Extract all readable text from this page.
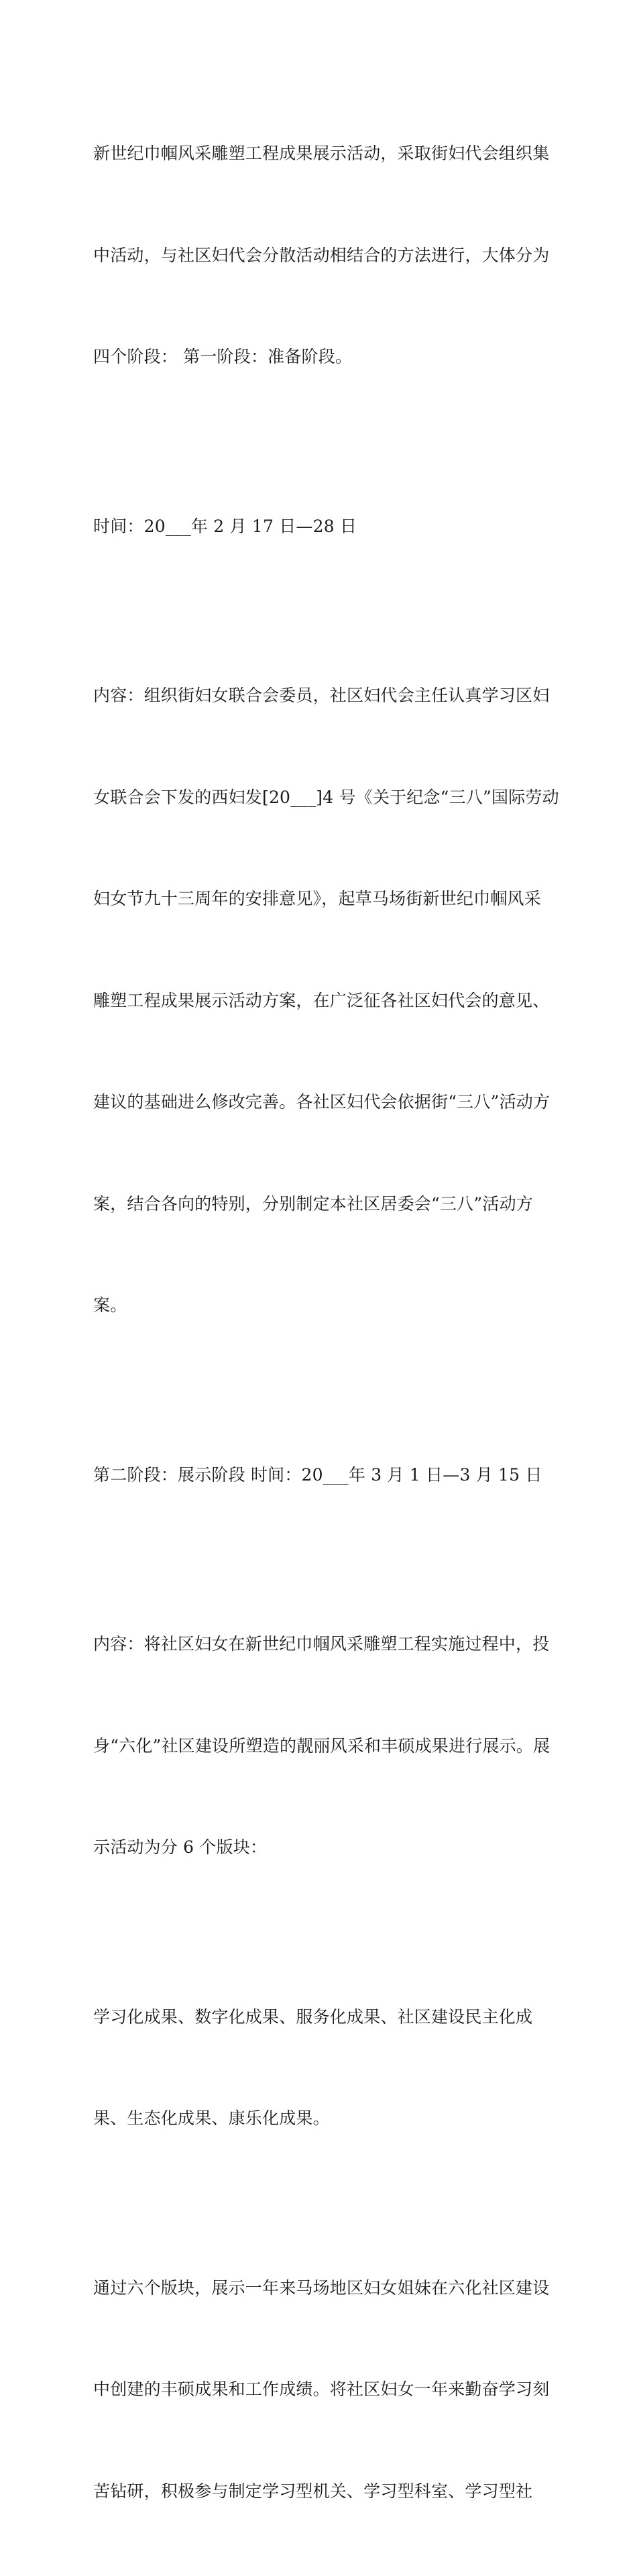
新世纪巾帼风采雕塑工程成果展示活动，采取街妇代会组织集

中活动，与社区妇代会分散活动相结合的方法进行，大体分为

四个阶段： 第一阶段：准备阶段。

时间：20___年 2 月 17 日—28 日

内容：组织街妇女联合会委员，社区妇代会主任认真学习区妇

女联合会下发的西妇发[20___]4 号《关于纪念“三八”国际劳动

妇女节九十三周年的安排意见》，起草马场街新世纪巾帼风采

雕塑工程成果展示活动方案，在广泛征各社区妇代会的意见、

建议的基础进么修改完善。各社区妇代会依据街“三八”活动方

案，结合各向的特别，分别制定本社区居委会“三八”活动方

案。

第二阶段：展示阶段 时间：20___年 3 月 1 日—3 月 15 日

内容：将社区妇女在新世纪巾帼风采雕塑工程实施过程中，投

身“六化”社区建设所塑造的靓丽风采和丰硕成果进行展示。展

示活动为分 6 个版块：

学习化成果、数字化成果、服务化成果、社区建设民主化成

果、生态化成果、康乐化成果。

通过六个版块，展示一年来马场地区妇女姐妹在六化社区建设

中创建的丰硕成果和工作成绩。将社区妇女一年来勤奋学习刻

苦钻研，积极参与制定学习型机关、学习型科室、学习型社
